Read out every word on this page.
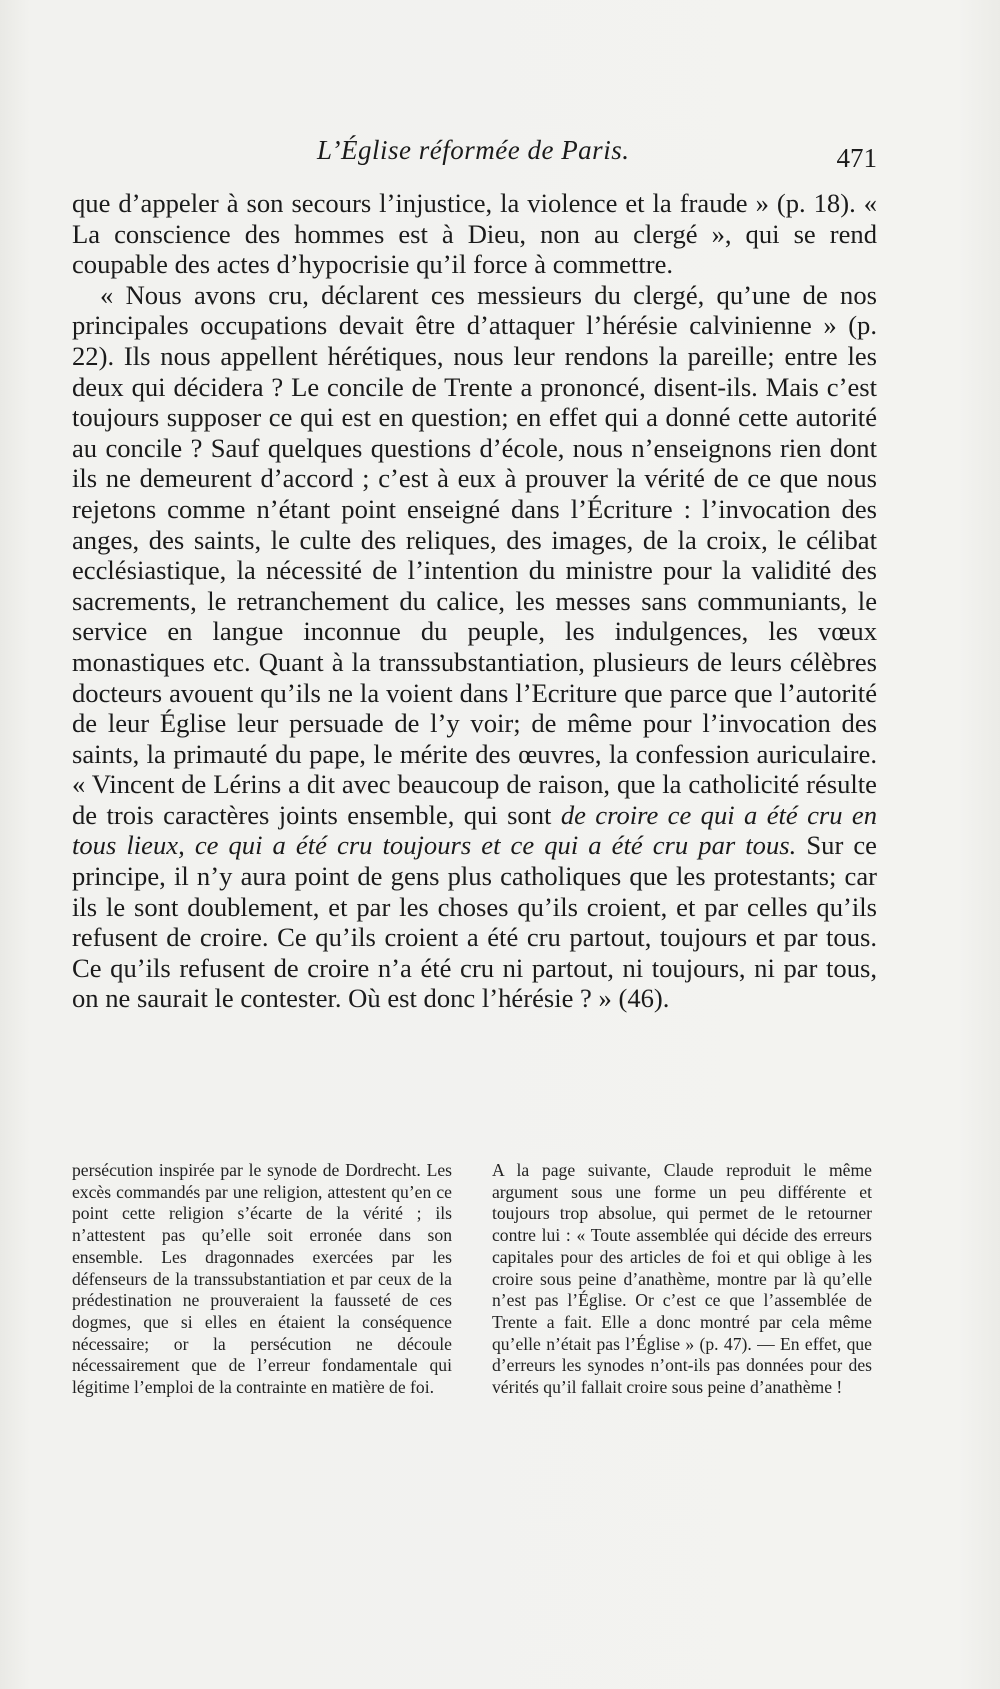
L’Église réformée de Paris.	471

que d’appeler à son secours l’injustice, la violence et la fraude » (p. 18). « La conscience des hommes est à Dieu, non au clergé », qui se rend coupable des actes d’hypocrisie qu’il force à commettre.

« Nous avons cru, déclarent ces messieurs du clergé, qu’une de nos principales occupations devait être d’attaquer l’hérésie calvinienne » (p. 22). Ils nous appellent hérétiques, nous leur rendons la pareille; entre les deux qui décidera ? Le concile de Trente a prononcé, disent-ils. Mais c’est toujours supposer ce qui est en question; en effet qui a donné cette autorité au concile ? Sauf quelques questions d’école, nous n’enseignons rien dont ils ne demeurent d’accord ; c’est à eux à prouver la vérité de ce que nous rejetons comme n’étant point enseigné dans l’Écriture : l’invocation des anges, des saints, le culte des reliques, des images, de la croix, le célibat ecclésiastique, la nécessité de l’intention du ministre pour la validité des sacrements, le retranchement du calice, les messes sans communiants, le service en langue inconnue du peuple, les indulgences, les vœux monastiques etc. Quant à la transsubstantiation, plusieurs de leurs célèbres docteurs avouent qu’ils ne la voient dans l’Ecriture que parce que l’autorité de leur Église leur persuade de l’y voir; de même pour l’invocation des saints, la primauté du pape, le mérite des œuvres, la confession auriculaire. « Vincent de Lérins a dit avec beaucoup de raison, que la catholicité résulte de trois caractères joints ensemble, qui sont de croire ce qui a été cru en tous lieux, ce qui a été cru toujours et ce qui a été cru par tous. Sur ce principe, il n’y aura point de gens plus catholiques que les protestants; car ils le sont doublement, et par les choses qu’ils croient, et par celles qu’ils refusent de croire. Ce qu’ils croient a été cru partout, toujours et par tous. Ce qu’ils refusent de croire n’a été cru ni partout, ni toujours, ni par tous, on ne saurait le contester. Où est donc l’hérésie ? » (46).

persécution inspirée par le synode de Dordrecht. Les excès commandés par une religion, attestent qu’en ce point cette religion s’écarte de la vérité ; ils n’attestent pas qu’elle soit erronée dans son ensemble. Les dragonnades exercées par les défenseurs de la transsubstantiation et par ceux de la prédestination ne prouveraient la fausseté de ces dogmes, que si elles en étaient la conséquence nécessaire; or la persécution ne découle nécessairement que de l’erreur fondamentale qui légitime l’emploi de la contrainte en matière de foi.
A la page suivante, Claude reproduit le même argument sous une forme un peu différente et toujours trop absolue, qui permet de le retourner contre lui : « Toute assemblée qui décide des erreurs capitales pour des articles de foi et qui oblige à les croire sous peine d’anathème, montre par là qu’elle n’est pas l’Église. Or c’est ce que l’assemblée de Trente a fait. Elle a donc montré par cela même qu’elle n’était pas l’Église » (p. 47). — En effet, que d’erreurs les synodes n’ont-ils pas données pour des vérités qu’il fallait croire sous peine d’anathème !
